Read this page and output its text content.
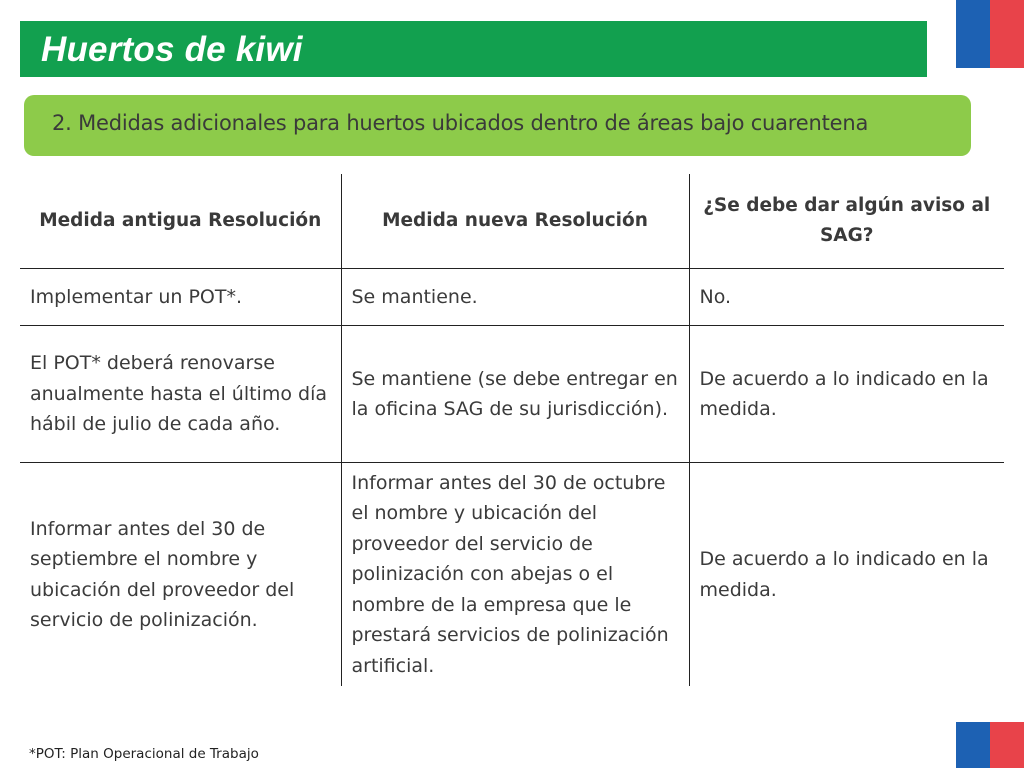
Huertos de kiwi
2. Medidas adicionales para huertos ubicados dentro de áreas bajo cuarentena
Medida antigua Resolución	Medida nueva Resolución	¿Se debe dar algún aviso al SAG?
Implementar un POT*.	Se mantiene.	No.
El POT* deberá renovarse anualmente hasta el último día hábil de julio de cada año.	Se mantiene (se debe entregar en la oficina SAG de su jurisdicción).	De acuerdo a lo indicado en la medida.
Informar antes del 30 de septiembre el nombre y ubicación del proveedor del servicio de polinización.	Informar antes del 30 de octubre el nombre y ubicación del proveedor del servicio de polinización con abejas o el nombre de la empresa que le prestará servicios de polinización artificial.	De acuerdo a lo indicado en la medida.
*POT: Plan Operacional de Trabajo
